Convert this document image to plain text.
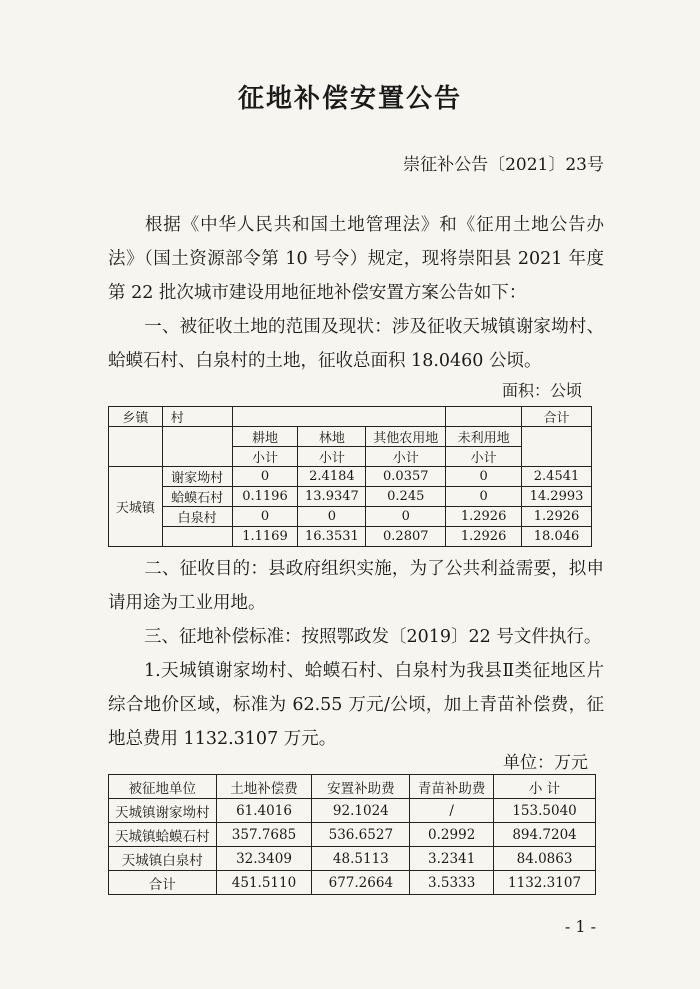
征地补偿安置公告
崇征补公告〔2021〕23号
根据《中华人民共和国土地管理法》和《征用土地公告办法》（国土资源部令第 10 号令）规定，现将崇阳县 2021 年度第 22 批次城市建设用地征地补偿安置方案公告如下：
一、被征收土地的范围及现状：涉及征收天城镇谢家坳村、蛤蟆石村、白泉村的土地，征收总面积 18.0460 公顷。
面积：公顷
乡镇	村					合计
		耕地	林地	其他农用地	未利用地	
		小计	小计	小计	小计	
天城镇	谢家坳村	0	2.4184	0.0357	0	2.4541
	蛤蟆石村	0.1196	13.9347	0.245	0	14.2993
	白泉村	0	0	0	1.2926	1.2926
		1.1169	16.3531	0.2807	1.2926	18.046
二、征收目的：县政府组织实施，为了公共利益需要，拟申请用途为工业用地。
三、征地补偿标准：按照鄂政发〔2019〕22 号文件执行。
1.天城镇谢家坳村、蛤蟆石村、白泉村为我县Ⅱ类征地区片综合地价区域，标准为 62.55 万元/公顷，加上青苗补偿费，征地总费用 1132.3107 万元。
单位：万元
被征地单位	土地补偿费	安置补助费	青苗补助费	小 计
天城镇谢家坳村	61.4016	92.1024	/	153.5040
天城镇蛤蟆石村	357.7685	536.6527	0.2992	894.7204
天城镇白泉村	32.3409	48.5113	3.2341	84.0863
合计	451.5110	677.2664	3.5333	1132.3107
- 1 -
